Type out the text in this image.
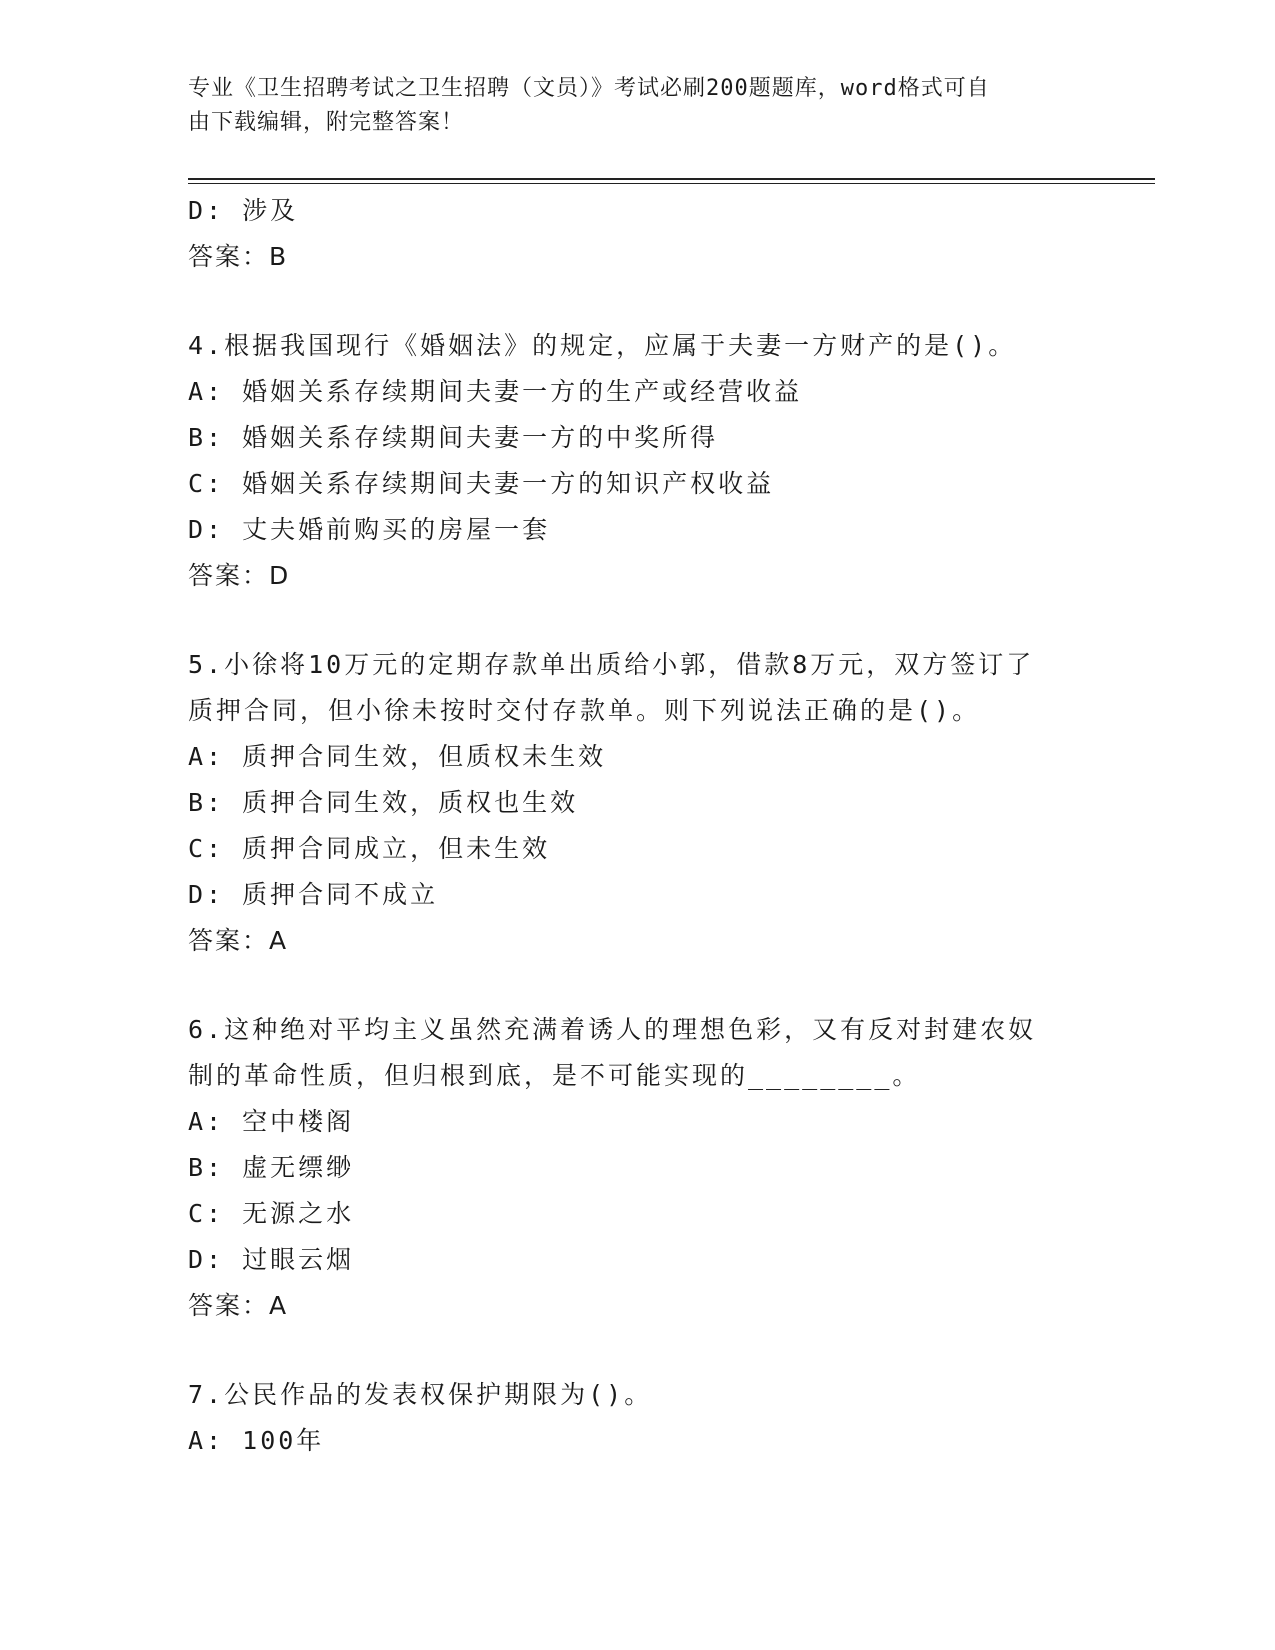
专业《卫生招聘考试之卫生招聘（文员）》考试必刷200题题库，word格式可自
由下载编辑，附完整答案！
D: 涉及
答案：B
4.根据我国现行《婚姻法》的规定，应属于夫妻一方财产的是()。
A: 婚姻关系存续期间夫妻一方的生产或经营收益
B: 婚姻关系存续期间夫妻一方的中奖所得
C: 婚姻关系存续期间夫妻一方的知识产权收益
D: 丈夫婚前购买的房屋一套
答案：D
5.小徐将10万元的定期存款单出质给小郭，借款8万元，双方签订了
质押合同，但小徐未按时交付存款单。则下列说法正确的是()。
A: 质押合同生效，但质权未生效
B: 质押合同生效，质权也生效
C: 质押合同成立，但未生效
D: 质押合同不成立
答案：A
6.这种绝对平均主义虽然充满着诱人的理想色彩，又有反对封建农奴
制的革命性质，但归根到底，是不可能实现的________。
A: 空中楼阁
B: 虚无缥缈
C: 无源之水
D: 过眼云烟
答案：A
7.公民作品的发表权保护期限为()。
A: 100年
